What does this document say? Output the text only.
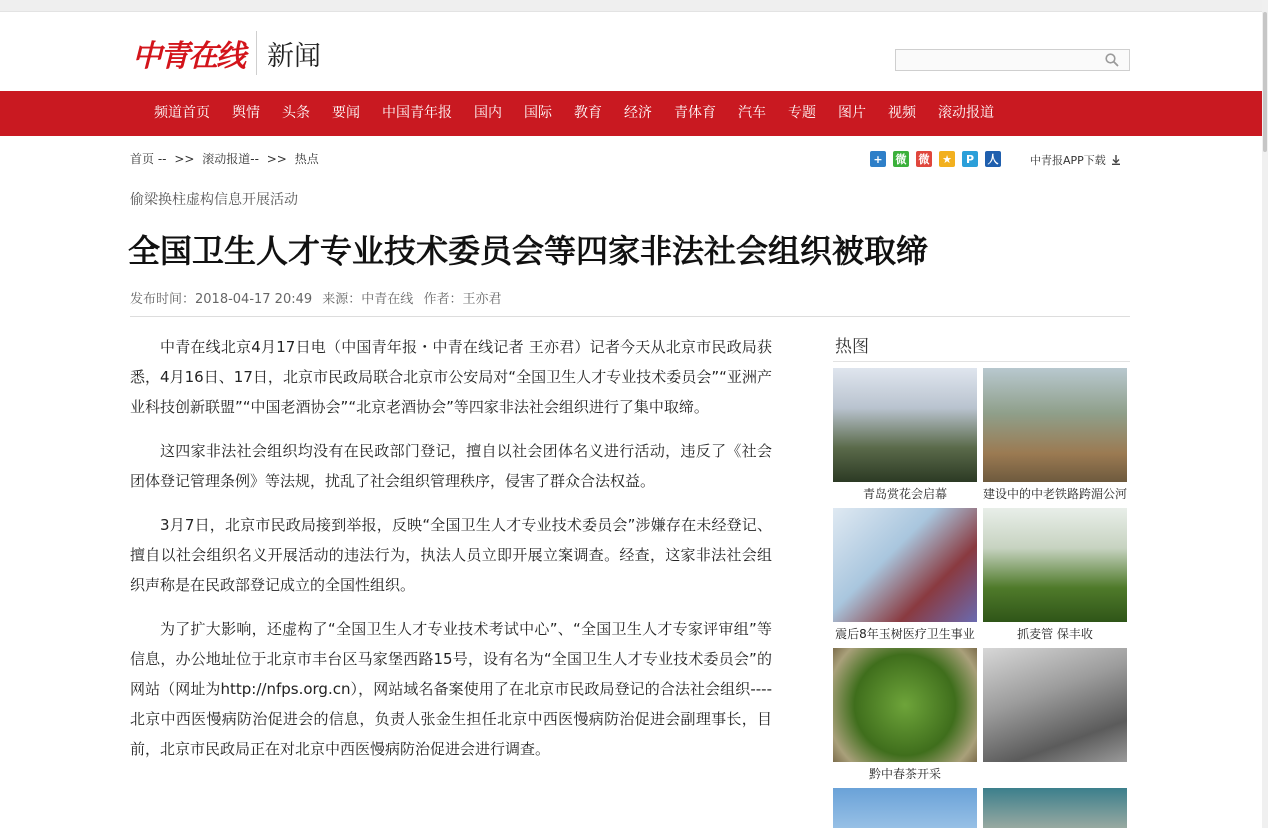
中青在线 新闻
频道首页	舆情	头条	要闻	中国青年报	国内	国际	教育	经济	青体育	汽车	专题	图片	视频	滚动报道
首页 -- >> 滚动报道-- >> 热点	+	微 微 ★	P	人	中青报APP下载
偷梁换柱虚构信息开展活动
全国卫生人才专业技术委员会等四家非法社会组织被取缔
发布时间：2018-04-17 20:49 来源：中青在线 作者：王亦君

中青在线北京4月17日电（中国青年报・中青在线记者 王亦君）记者今天从北京市民政局获悉，4月16日、17日，北京市民政局联合北京市公安局对“全国卫生人才专业技术委员会”“亚洲产业科技创新联盟”“中国老酒协会”“北京老酒协会”等四家非法社会组织进行了集中取缔。

这四家非法社会组织均没有在民政部门登记，擅自以社会团体名义进行活动，违反了《社会团体登记管理条例》等法规，扰乱了社会组织管理秩序，侵害了群众合法权益。

3月7日，北京市民政局接到举报，反映“全国卫生人才专业技术委员会”涉嫌存在未经登记、擅自以社会组织名义开展活动的违法行为，执法人员立即开展立案调查。经查，这家非法社会组织声称是在民政部登记成立的全国性组织。

为了扩大影响，还虚构了“全国卫生人才专业技术考试中心”、“全国卫生人才专家评审组”等信息，办公地址位于北京市丰台区马家堡西路15号，设有名为“全国卫生人才专业技术委员会”的网站（网址为http://nfps.org.cn），网站域名备案使用了在北京市民政局登记的合法社会组织----北京中西医慢病防治促进会的信息，负责人张金生担任北京中西医慢病防治促进会副理事长，目前，北京市民政局正在对北京中西医慢病防治促进会进行调查。

热图
青岛赏花会启幕	建设中的中老铁路跨湄公河
震后8年玉树医疗卫生事业	抓麦管 保丰收
黔中春茶开采
